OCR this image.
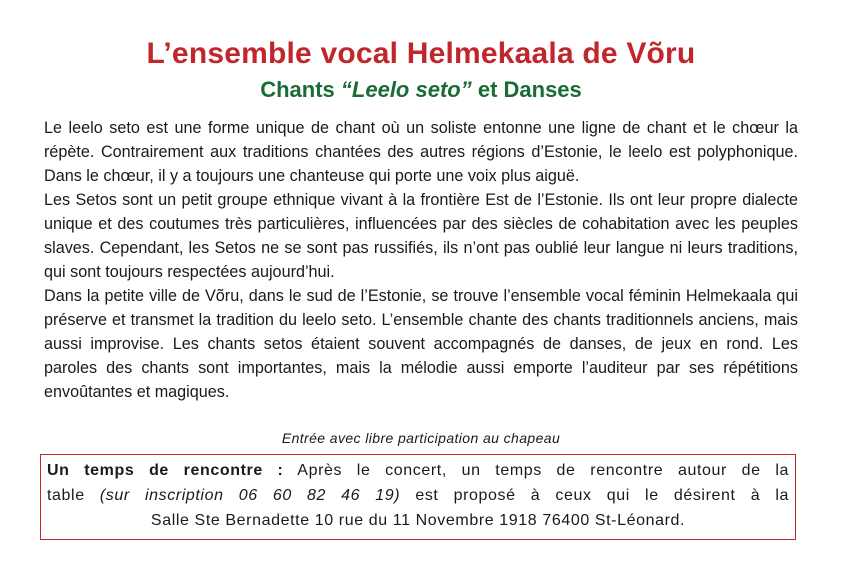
L’ensemble vocal Helmekaala de Võru
Chants “Leelo seto” et Danses

Le leelo seto est une forme unique de chant où un soliste entonne une ligne de chant et le chœur la répète. Contrairement aux traditions chantées des autres régions d’Estonie, le leelo est polyphonique. Dans le chœur, il y a toujours une chanteuse qui porte une voix plus aiguë.

Les Setos sont un petit groupe ethnique vivant à la frontière Est de l’Estonie. Ils ont leur propre dialecte unique et des coutumes très particulières, influencées par des siècles de cohabitation avec les peuples slaves. Cependant, les Setos ne se sont pas russifiés, ils n’ont pas oublié leur langue ni leurs traditions, qui sont toujours respectées aujourd’hui.

Dans la petite ville de Võru, dans le sud de l’Estonie, se trouve l’ensemble vocal féminin Helmekaala qui préserve et transmet la tradition du leelo seto. L’ensemble chante des chants traditionnels anciens, mais aussi improvise. Les chants setos étaient souvent accompagnés de danses, de jeux en rond. Les paroles des chants sont importantes, mais la mélodie aussi emporte l’auditeur par ses répétitions envoûtantes et magiques.

Entrée avec libre participation au chapeau
Un temps de rencontre : Après le concert, un temps de rencontre autour de la
table (sur inscription 06 60 82 46 19) est proposé à ceux qui le désirent à la
Salle Ste Bernadette 10 rue du 11 Novembre 1918 76400 St-Léonard.
